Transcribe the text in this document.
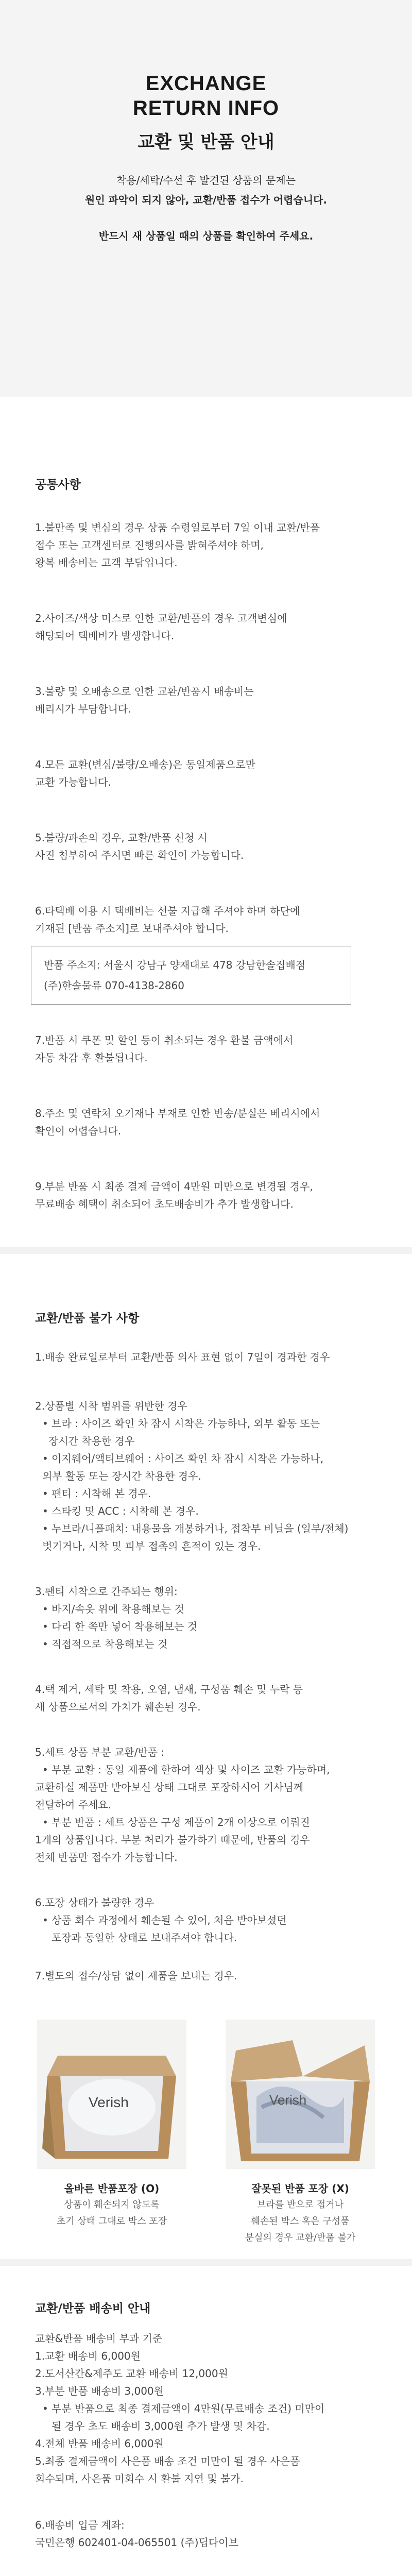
EXCHANGE
RETURN INFO
교환 및 반품 안내
착용/세탁/수선 후 발견된 상품의 문제는
원인 파악이 되지 않아, 교환/반품 접수가 어렵습니다.
반드시 새 상품일 때의 상품를 확인하여 주세요.
공통사항
1.불만족 및 변심의 경우 상품 수령일로부터 7일 이내 교환/반품
접수 또는 고객센터로 진행의사를 밝혀주셔야 하며,
왕복 배송비는 고객 부담입니다.
2.사이즈/색상 미스로 인한 교환/반품의 경우 고객변심에
해당되어 택배비가 발생합니다.
3.불량 및 오배송으로 인한 교환/반품시 배송비는
베리시가 부담합니다.
4.모든 교환(변심/불량/오배송)은 동일제품으로만
교환 가능합니다.
5.불량/파손의 경우, 교환/반품 신청 시
사진 첨부하여 주시면 빠른 확인이 가능합니다.
6.타택배 이용 시 택배비는 선불 지급해 주셔야 하며 하단에
기재된 [반품 주소지]로 보내주셔야 합니다.
반품 주소지: 서울시 강남구 양재대로 478 강남한솔집배점
(주)한솔물류 070-4138-2860
7.반품 시 쿠폰 및 할인 등이 취소되는 경우 환불 금액에서
자동 차감 후 환불됩니다.
8.주소 및 연락처 오기재나 부재로 인한 반송/분실은 베리시에서
확인이 어렵습니다.
9.부분 반품 시 최종 결제 금액이 4만원 미만으로 변경될 경우,
무료배송 혜택이 취소되어 초도배송비가 추가 발생합니다.
교환/반품 불가 사항
1.배송 완료일로부터 교환/반품 의사 표현 없이 7일이 경과한 경우
2.상품별 시착 범위를 위반한 경우
• 브라 : 사이즈 확인 차 잠시 시착은 가능하나, 외부 활동 또는
장시간 착용한 경우
• 이지웨어/액티브웨어 : 사이즈 확인 차 잠시 시착은 가능하나,
외부 활동 또는 장시간 착용한 경우.
• 팬티 : 시착해 본 경우.
• 스타킹 및 ACC : 시착해 본 경우.
• 누브라/니플패치: 내용물을 개봉하거나, 접착부 비닐을 (일부/전체)
벗기거나, 시착 및 피부 접촉의 흔적이 있는 경우.
3.팬티 시착으로 간주되는 행위:
• 바지/속옷 위에 착용해보는 것
• 다리 한 쪽만 넣어 착용해보는 것
• 직접적으로 착용해보는 것
4.택 제거, 세탁 및 착용, 오염, 냄새, 구성품 훼손 및 누락 등
새 상품으로서의 가치가 훼손된 경우.
5.세트 상품 부분 교환/반품 :
• 부분 교환 : 동일 제품에 한하여 색상 및 사이즈 교환 가능하며,
교환하실 제품만 받아보신 상태 그대로 포장하시어 기사님께
전달하여 주세요.
• 부분 반품 : 세트 상품은 구성 제품이 2개 이상으로 이뤄진
1개의 상품입니다. 부분 처리가 불가하기 때문에, 반품의 경우
전체 반품만 접수가 가능합니다.
6.포장 상태가 불량한 경우
• 상품 회수 과정에서 훼손될 수 있어, 처음 받아보셨던
포장과 동일한 상태로 보내주셔야 합니다.
7.별도의 접수/상담 없이 제품을 보내는 경우.
Verish	Verish
올바른 반품포장 (O)
상품이 훼손되지 않도록
초기 상태 그대로 박스 포장
잘못된 반품 포장 (X)
브라를 반으로 접거나
훼손된 박스 혹은 구성품
분실의 경우 교환/반품 불가
교환/반품 배송비 안내
교환&반품 배송비 부과 기준
1.교환 배송비 6,000원
2.도서산간&제주도 교환 배송비 12,000원
3.부분 반품 배송비 3,000원
• 부분 반품으로 최종 결제금액이 4만원(무료배송 조건) 미만이
될 경우 초도 배송비 3,000원 추가 발생 및 차감.
4.전체 반품 배송비 6,000원
5.최종 결제금액이 사은품 배송 조건 미만이 될 경우 사은품
회수되며, 사은품 미회수 시 환불 지연 및 불가.
6.배송비 입금 계좌:
국민은행 602401-04-065501 (주)딥다이브
